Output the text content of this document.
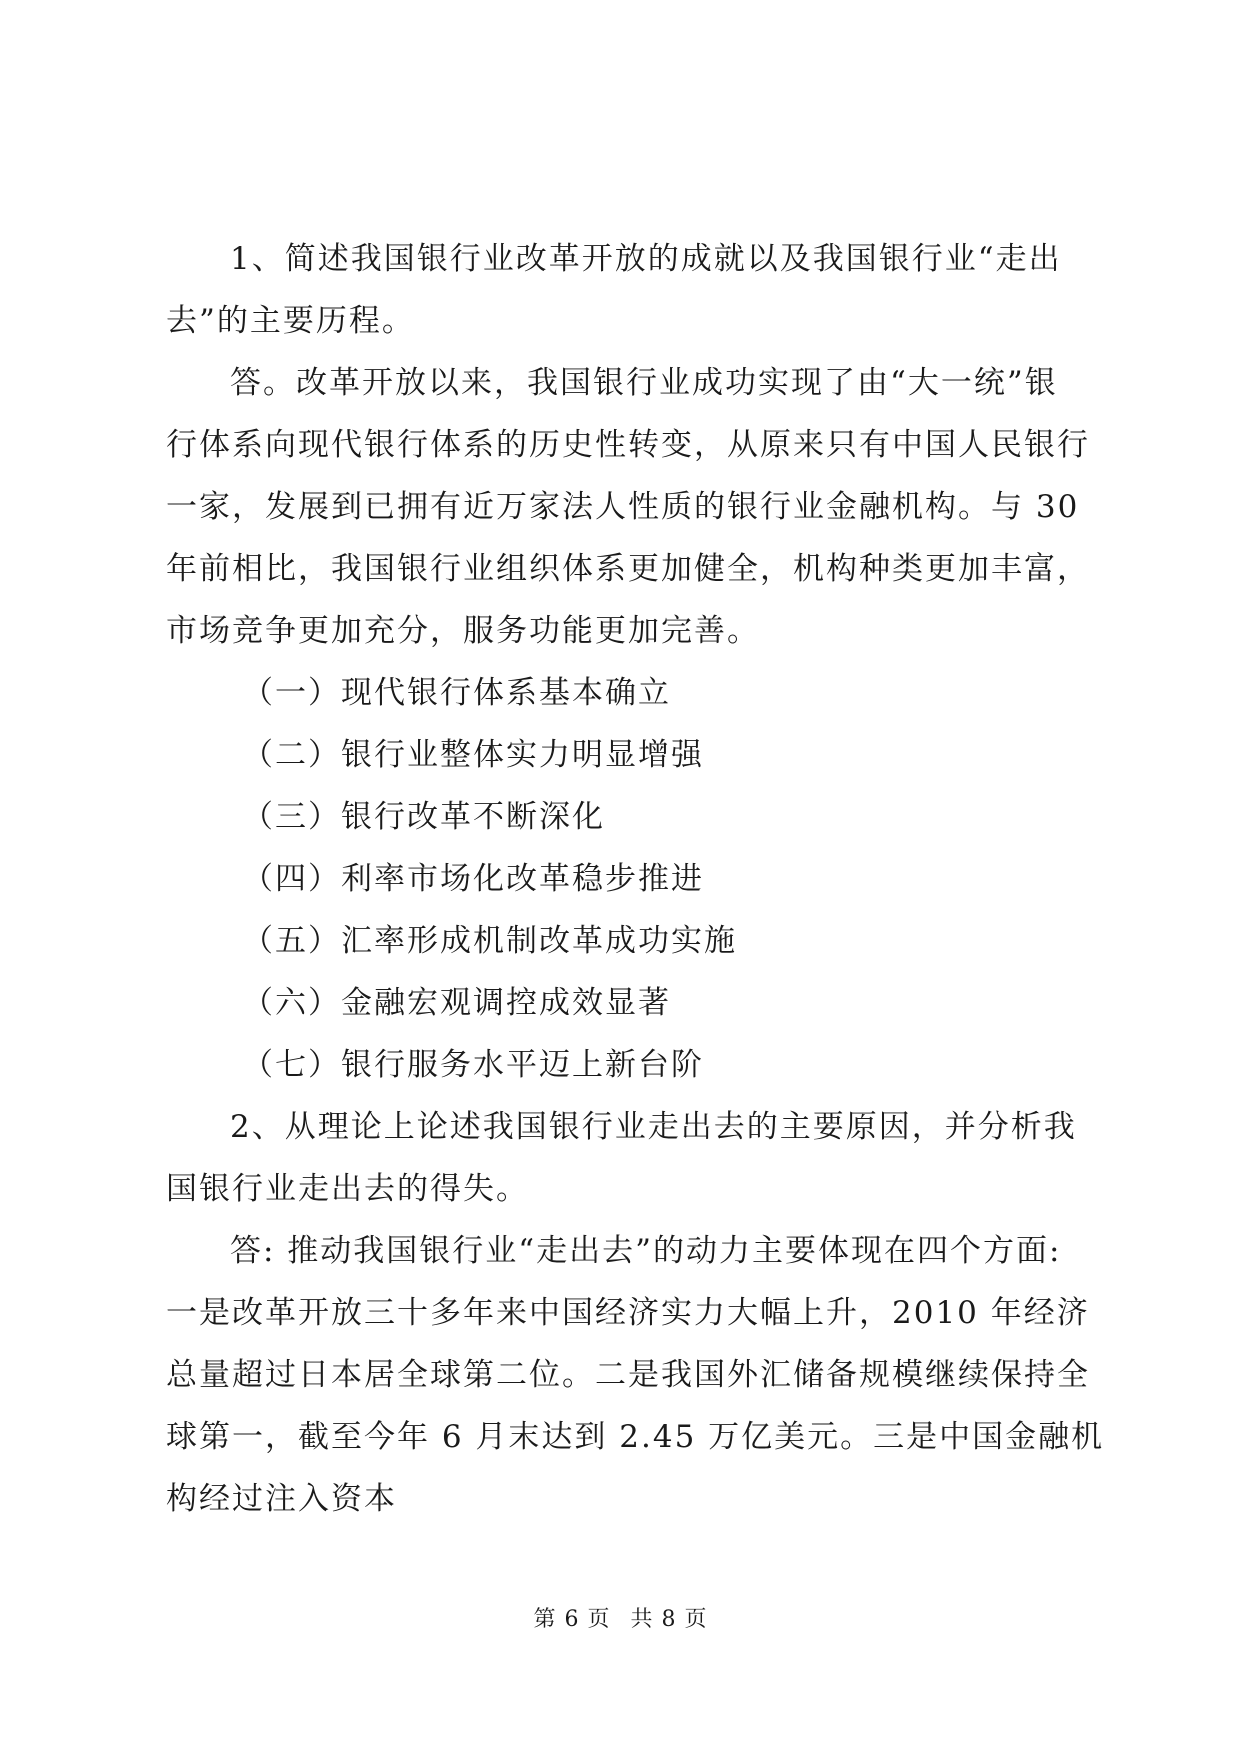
1、简述我国银行业改革开放的成就以及我国银行业“走出
去”的主要历程。
答。改革开放以来，我国银行业成功实现了由“大一统”银
行体系向现代银行体系的历史性转变，从原来只有中国人民银行
一家，发展到已拥有近万家法人性质的银行业金融机构。与 30
年前相比，我国银行业组织体系更加健全，机构种类更加丰富，
市场竞争更加充分，服务功能更加完善。
（一）现代银行体系基本确立
（二）银行业整体实力明显增强
（三）银行改革不断深化
（四）利率市场化改革稳步推进
（五）汇率形成机制改革成功实施
（六）金融宏观调控成效显著
（七）银行服务水平迈上新台阶
2、从理论上论述我国银行业走出去的主要原因，并分析我
国银行业走出去的得失。
答: 推动我国银行业“走出去”的动力主要体现在四个方面:
一是改革开放三十多年来中国经济实力大幅上升，2010 年经济
总量超过日本居全球第二位。二是我国外汇储备规模继续保持全
球第一，截至今年 6 月末达到 2.45 万亿美元。三是中国金融机
构经过注入资本
第 6 页 共 8 页
